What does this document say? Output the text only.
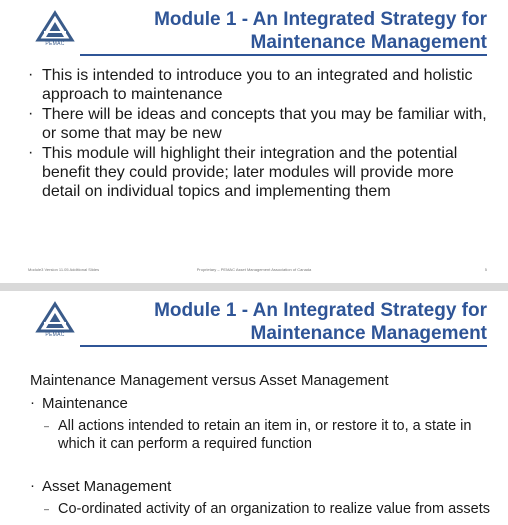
PEMAC
Module 1 - An Integrated Strategy for
Maintenance Management
· This is intended to introduce you to an integrated and holistic approach to maintenance
· There will be ideas and concepts that you may be familiar with, or some that may be new
· This module will highlight their integration and the potential benefit they could provide; later modules will provide more detail on individual topics and implementing them
Module3 Version 11.05 Additional Slides	Proprietary – PEMAC Asset Management Association of Canada	5
PEMAC
Module 1 - An Integrated Strategy for
Maintenance Management
Maintenance Management versus Asset Management
· Maintenance
– All actions intended to retain an item in, or restore it to, a state in which it can perform a required function
· Asset Management
– Co-ordinated activity of an organization to realize value from assets
